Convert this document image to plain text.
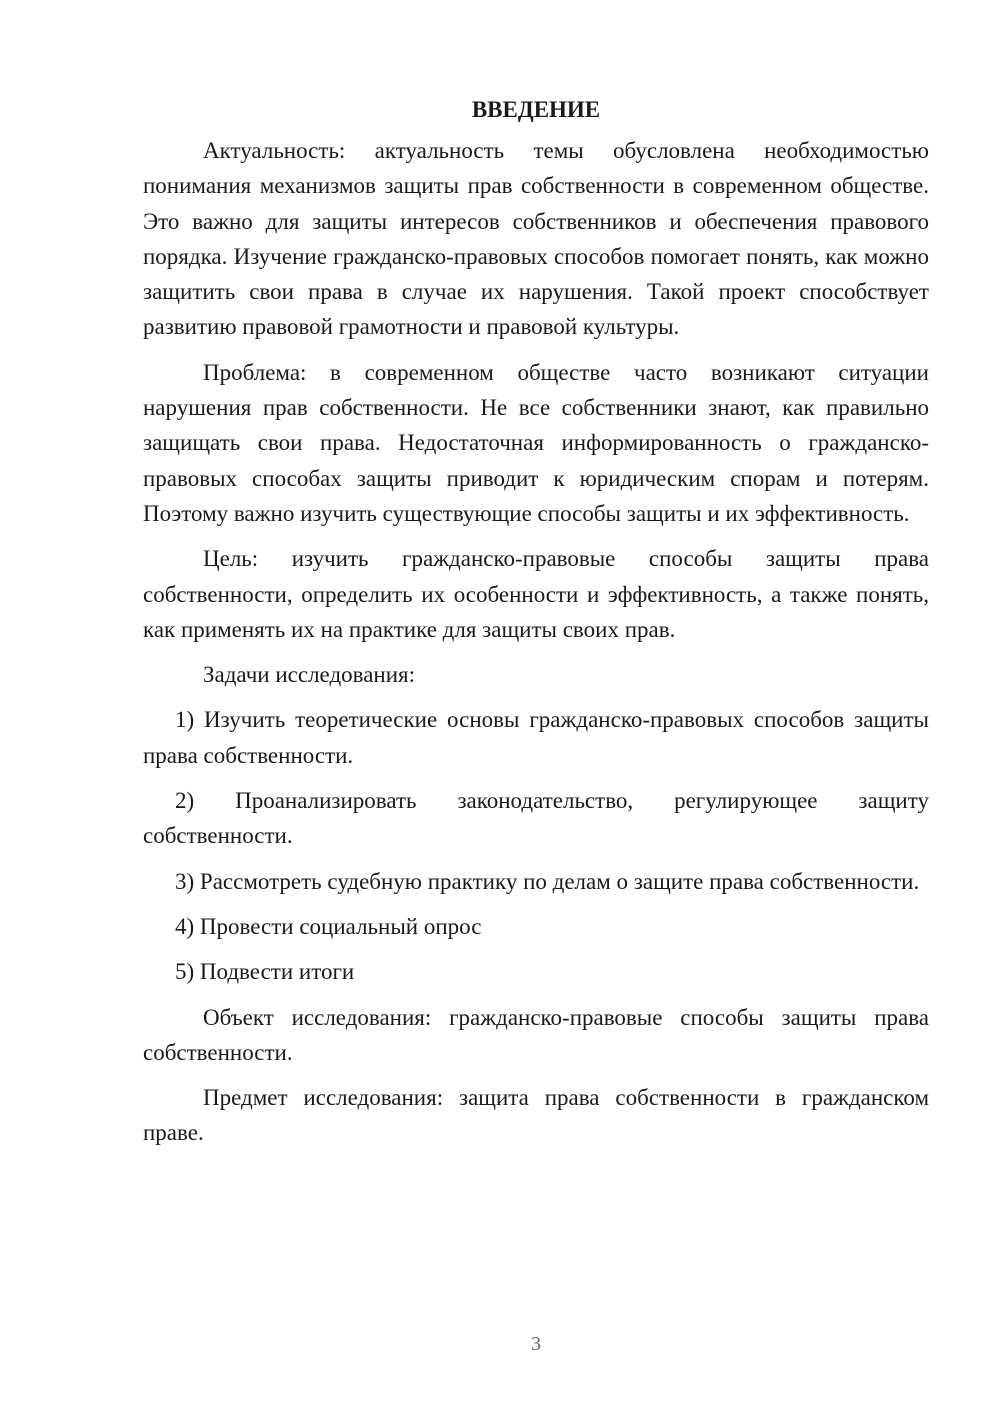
ВВЕДЕНИЕ

Актуальность: актуальность темы обусловлена необходимостью понимания механизмов защиты прав собственности в современном обществе. Это важно для защиты интересов собственников и обеспечения правового порядка. Изучение гражданско-правовых способов помогает понять, как можно защитить свои права в случае их нарушения. Такой проект способствует развитию правовой грамотности и правовой культуры.

Проблема: в современном обществе часто возникают ситуации нарушения прав собственности. Не все собственники знают, как правильно защищать свои права. Недостаточная информированность о гражданско-правовых способах защиты приводит к юридическим спорам и потерям. Поэтому важно изучить существующие способы защиты и их эффективность.

Цель: изучить гражданско-правовые способы защиты права собственности, определить их особенности и эффективность, а также понять, как применять их на практике для защиты своих прав.

Задачи исследования:

1) Изучить теоретические основы гражданско-правовых способов защиты права собственности.

2) Проанализировать законодательство, регулирующее защиту собственности.

3) Рассмотреть судебную практику по делам о защите права собственности.

4) Провести социальный опрос

5) Подвести итоги

Объект исследования: гражданско-правовые способы защиты права собственности.

Предмет исследования: защита права собственности в гражданском праве.

3
